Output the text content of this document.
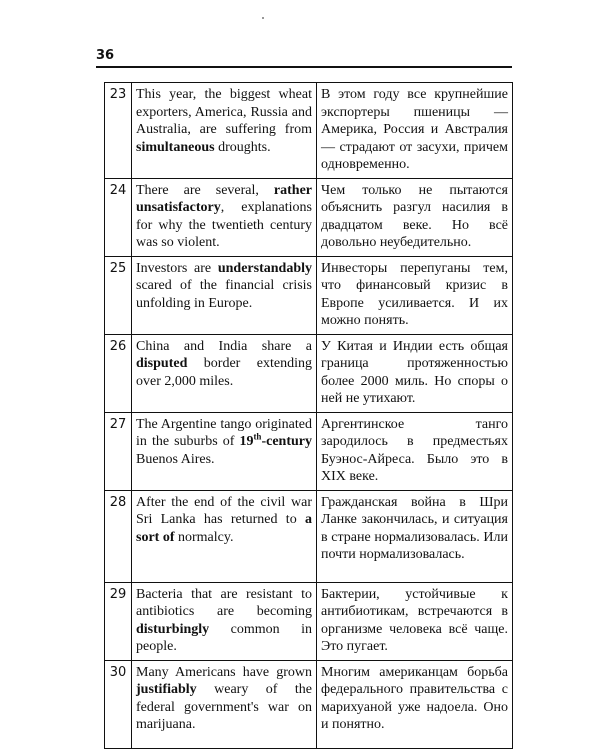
36
23	This year, the biggest wheat exporters, America, Russia and Australia, are suffering from simultaneous droughts.	В этом году все крупнейшие экспортеры пшеницы — Америка, Россия и Австралия — страдают от засухи, причем одновременно.
24	There are several, rather unsatisfactory, explanations for why the twentieth century was so violent.	Чем только не пытаются объяснить разгул насилия в двадцатом веке. Но всё довольно неубедительно.
25	Investors are understandably scared of the financial crisis unfolding in Europe.	Инвесторы перепуганы тем, что финансовый кризис в Европе усиливается. И их можно понять.
26	China and India share a disputed border extending over 2,000 miles.	У Китая и Индии есть общая граница протяженностью более 2000 миль. Но споры о ней не утихают.
27	The Argentine tango originated in the suburbs of 19th-century Buenos Aires.	Аргентинское танго зародилось в предместьях Буэнос-Айреса. Было это в XIX веке.
28	After the end of the civil war Sri Lanka has returned to a sort of normalcy.	Гражданская война в Шри Ланке закончилась, и ситуация в стране нормализовалась. Или почти нормализовалась.
29	Bacteria that are resistant to antibiotics are becoming disturbingly common in people.	Бактерии, устойчивые к антибиотикам, встречаются в организме человека всё чаще. Это пугает.
30	Many Americans have grown justifiably weary of the federal government's war on marijuana.	Многим американцам борьба федерального правительства с марихуаной уже надоела. Оно и понятно.
